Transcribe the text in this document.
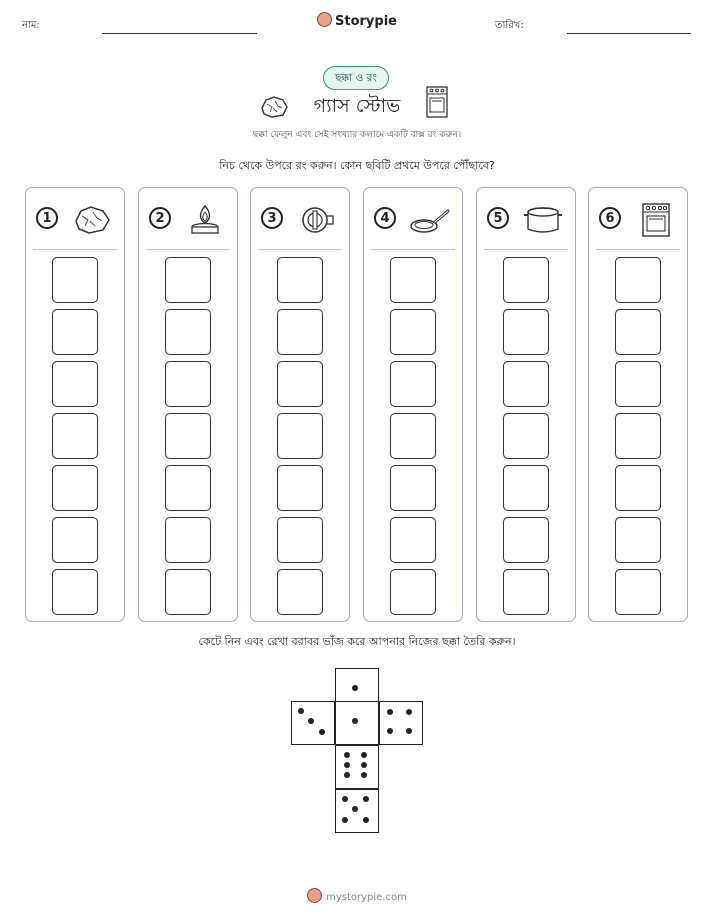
নাম:	Storypie	তারিখ:
ছক্কা ও রং
গ্যাস স্টোভ
ছক্কা ফেলুন এবং সেই সংখ্যার কলামে একটি বাক্স রং করুন।
নিচ থেকে উপরে রং করুন। কোন ছবিটি প্রথমে উপরে পৌঁছাবে?
1	2	3	4	5	6
কেটে নিন এবং রেখা বরাবর ভাঁজ করে আপনার নিজের ছক্কা তৈরি করুন।
mystorypie.com
